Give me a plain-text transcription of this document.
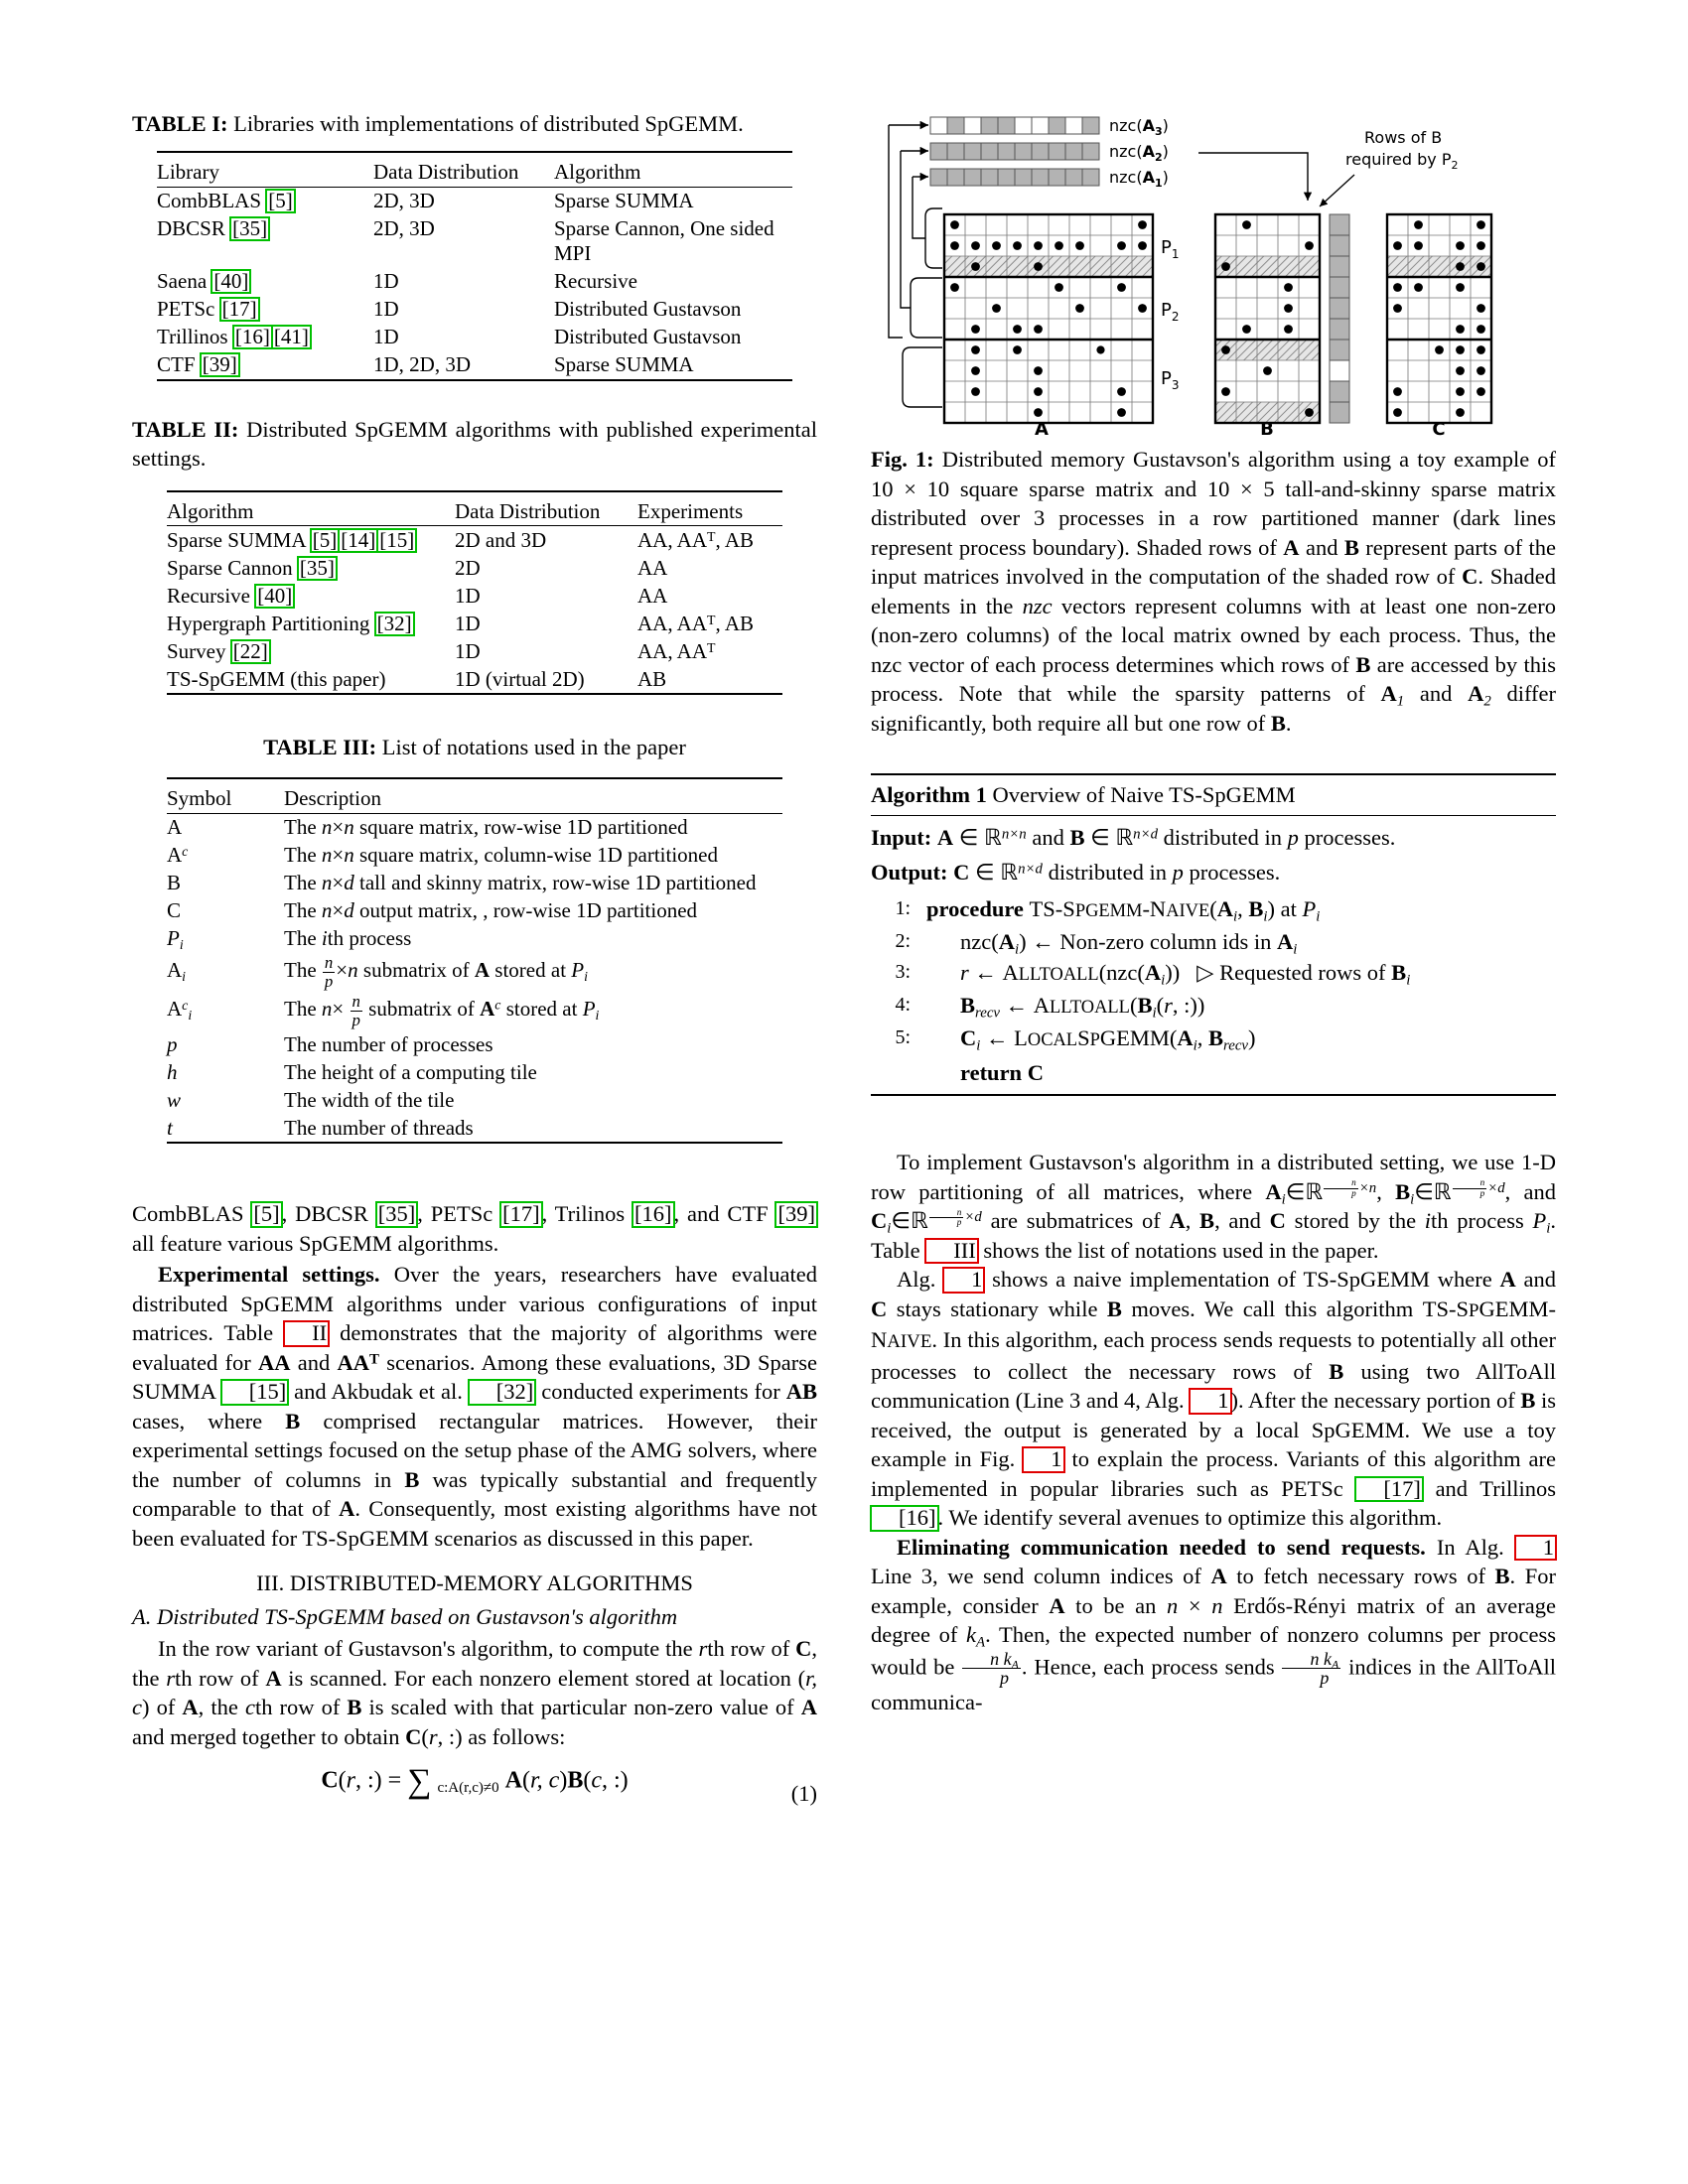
TABLE I: Libraries with implementations of distributed SpGEMM.
Library	Data Distribution	Algorithm
CombBLAS [5]	2D, 3D	Sparse SUMMA
DBCSR [35]	2D, 3D	Sparse Cannon, One sided MPI
Saena [40]	1D	Recursive
PETSc [17]	1D	Distributed Gustavson
Trillinos [16] [41]	1D	Distributed Gustavson
CTF [39]	1D, 2D, 3D	Sparse SUMMA
TABLE II: Distributed SpGEMM algorithms with published experimental settings.
Algorithm	Data Distribution	Experiments
Sparse SUMMA [5] [14] [15]	2D and 3D	AA, $AA^T$, AB
Sparse Cannon [35]	2D	AA
Recursive [40]	1D	AA
Hypergraph Partitioning [32]	1D	AA, $AA^T$, AB
Survey [22]	1D	AA, $AA^T$
TS-SpGEMM (this paper)	1D (virtual 2D)	AB
TABLE III: List of notations used in the paper
Symbol	Description
A	The n×n square matrix, row-wise 1D partitioned
$A^c$	The n×n square matrix, column-wise 1D partitioned
B	The n×d tall and skinny matrix, row-wise 1D partitioned
C	The n×d output matrix, , row-wise 1D partitioned
$P_i$	The ith process
$A_i$	The $\frac{n}{p} \times n$ submatrix of A stored at $P_i$
$A^c_i$	The $n\times \frac{n}{p}$ submatrix of $A^c$ stored at $P_i$
p	The number of processes
h	The height of a computing tile
w	The width of the tile
t	The number of threads

CombBLAS [5], DBCSR [35], PETSc [17], Trilinos [16], and CTF [39] all feature various SpGEMM algorithms.

Experimental settings. Over the years, researchers have evaluated distributed SpGEMM algorithms under various configurations of input matrices. Table II demonstrates that the majority of algorithms were evaluated for AA and $AA^T$ scenarios. Among these evaluations, 3D Sparse SUMMA [15] and Akbudak et al. [32] conducted experiments for AB cases, where B comprised rectangular matrices. However, their experimental settings focused on the setup phase of the AMG solvers, where the number of columns in B was typically substantial and frequently comparable to that of A. Consequently, most existing algorithms have not been evaluated for TS-SpGEMM scenarios as discussed in this paper.

III. DISTRIBUTED-MEMORY ALGORITHMS
A. Distributed TS-SpGEMM based on Gustavson's algorithm

In the row variant of Gustavson's algorithm, to compute the rth row of C, the rth row of A is scanned. For each nonzero element stored at location (r, c) of A, the cth row of B is scaled with that particular non-zero value of A and merged together to obtain C(r, :) as follows:

C(r, :) = ∑ c:A(r,c)≠0 A(r, c)B(c, :)	(1)
$nzc(A_3)$
$nzc(A_2)$
$nzc(A_1)$
Rows of B
required by $P_2$
$P_1$
$P_2$
$P_3$
A	B	C
Fig. 1: Distributed memory Gustavson's algorithm using a toy example of 10 × 10 square sparse matrix and 10 × 5 tall-and-skinny sparse matrix distributed over 3 processes in a row partitioned manner (dark lines represent process boundary). Shaded rows of A and B represent parts of the input matrices involved in the computation of the shaded row of C. Shaded elements in the nzc vectors represent columns with at least one non-zero (non-zero columns) of the local matrix owned by each process. Thus, the nzc vector of each process determines which rows of B are accessed by this process. Note that while the sparsity patterns of $A_1$ and $A_2$ differ significantly, both require all but one row of B.
Algorithm 1 Overview of Naive TS-SpGEMM
Input: A ∈ ℝ$^{n\times n}$ and B ∈ ℝ$^{n\times d}$ distributed in p processes.
Output: C ∈ ℝ$^{n\times d}$ distributed in p processes.
1: procedure $TS-SPGEMM-NAIVE(A_i$, $B_i$) at $P_i$
2: $nzc(A_i)$ ← Non-zero column ids in $A_i$
3: r ← $ALLTOALL(nzc(A_i))$   ▷ Requested rows of $B_i$
4: $B_{recv}$ ← $ALLTOALL(B_i(r$, :))
5: $C_i$ ← $LOCALSPGEMM(A_i$, $B_{recv}$)
return C

To implement Gustavson's algorithm in a distributed setting, we use 1-D row partitioning of all matrices, where $A_i\in ℝ$ $^{\frac{n}{p} \times n}$, $B_i\in ℝ$ $^{\frac{n}{p} \times d}$, and $C_i\in ℝ$ $^{\frac{n}{p} \times d}$ are submatrices of A, B, and C stored by the ith process $P_i$. Table III shows the list of notations used in the paper.

Alg. 1 shows a naive implementation of TS-SpGEMM where A and C stays stationary while B moves. We call this algorithm TS-SPGEMM-NAIVE. In this algorithm, each process sends requests to potentially all other processes to collect the necessary rows of B using two AllToAll communication (Line 3 and 4, Alg. 1). After the necessary portion of B is received, the output is generated by a local SpGEMM. We use a toy example in Fig. 1 to explain the process. Variants of this algorithm are implemented in popular libraries such as PETSc [17] and Trillinos [16]. We identify several avenues to optimize this algorithm.

Eliminating communication needed to send requests. In Alg. 1 Line 3, we send column indices of A to fetch necessary rows of B. For example, consider A to be an n × n Erdős-Rényi matrix of an average degree of $k_A$. Then, the expected number of nonzero columns per process would be $\frac{n k_A}{p}$ . Hence, each process sends $\frac{n k_A}{p}$ indices in the AllToAll communica-
